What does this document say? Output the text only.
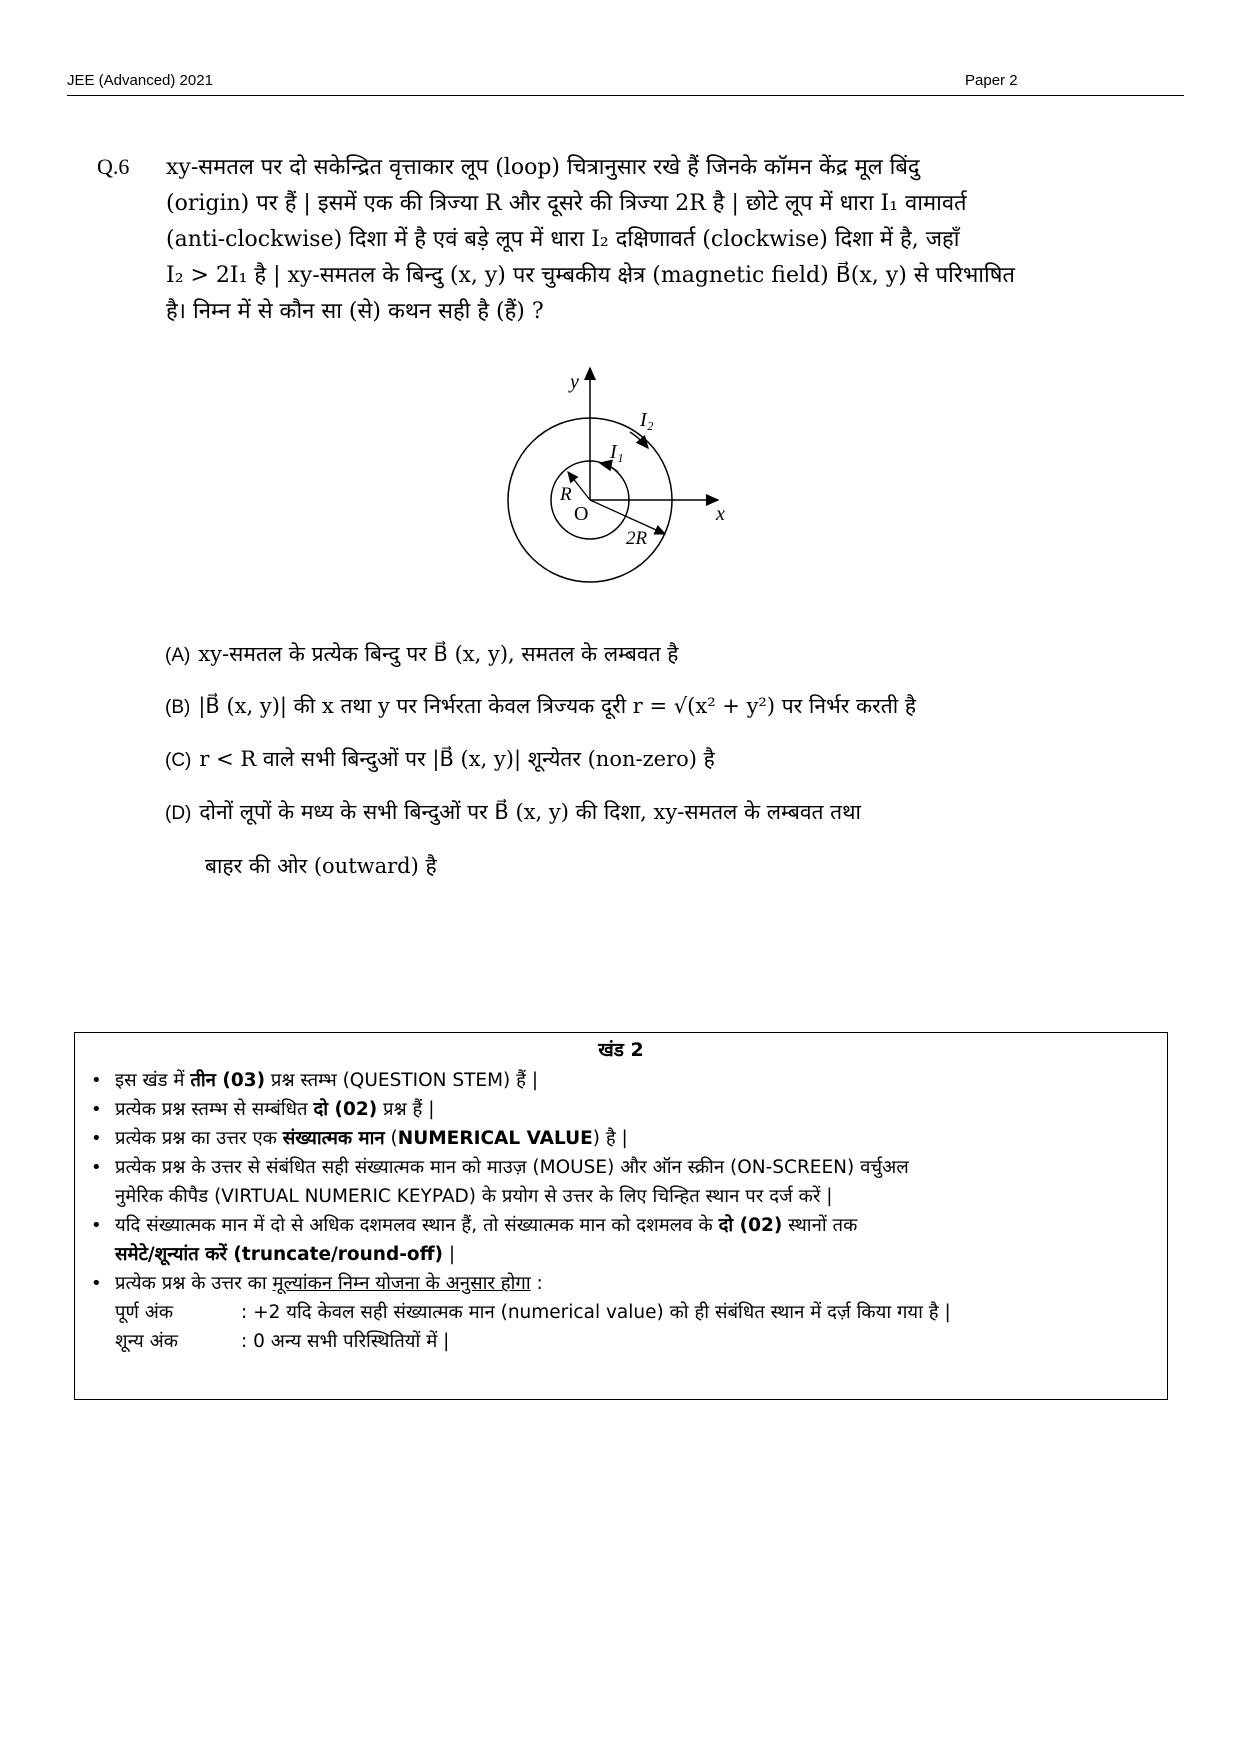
JEE (Advanced) 2021	Paper 2
Q.6 xy-समतल पर दो सकेन्द्रित वृत्ताकार लूप (loop) चित्रानुसार रखे हैं जिनके कॉमन केंद्र मूल बिंदु
(origin) पर हैं | इसमें एक की त्रिज्या R और दूसरे की त्रिज्या 2R है | छोटे लूप में धारा I₁ वामावर्त
(anti-clockwise) दिशा में है एवं बड़े लूप में धारा I₂ दक्षिणावर्त (clockwise) दिशा में है, जहाँ
I₂ > 2I₁ है | xy-समतल के बिन्दु (x, y) पर चुम्बकीय क्षेत्र (magnetic field) B⃗(x, y) से परिभाषित
है। निम्न में से कौन सा (से) कथन सही है (हैं) ?
y
x
O
I₂
I₁
R
2R
(A) xy-समतल के प्रत्येक बिन्दु पर B⃗ (x, y), समतल के लम्बवत है
(B) |B⃗ (x, y)| की x तथा y पर निर्भरता केवल त्रिज्यक दूरी r = √(x² + y²) पर निर्भर करती है
(C) r < R वाले सभी बिन्दुओं पर |B⃗ (x, y)| शून्येतर (non-zero) है
(D) दोनों लूपों के मध्य के सभी बिन्दुओं पर B⃗ (x, y) की दिशा, xy-समतल के लम्बवत तथा
बाहर की ओर (outward) है
खंड 2
• इस खंड में तीन (03) प्रश्न स्तम्भ (QUESTION STEM) हैं |
• प्रत्येक प्रश्न स्तम्भ से सम्बंधित दो (02) प्रश्न हैं |
• प्रत्येक प्रश्न का उत्तर एक संख्यात्मक मान (NUMERICAL VALUE) है |
• प्रत्येक प्रश्न के उत्तर से संबंधित सही संख्यात्मक मान को माउज़ (MOUSE) और ऑन स्क्रीन (ON-SCREEN) वर्चुअल
नुमेरिक कीपैड (VIRTUAL NUMERIC KEYPAD) के प्रयोग से उत्तर के लिए चिन्हित स्थान पर दर्ज करें |
• यदि संख्यात्मक मान में दो से अधिक दशमलव स्थान हैं, तो संख्यात्मक मान को दशमलव के दो (02) स्थानों तक
समेटे/शून्यांत करें (truncate/round-off) |
• प्रत्येक प्रश्न के उत्तर का मूल्यांकन निम्न योजना के अनुसार होगा :
पूर्ण अंक	: +2 यदि केवल सही संख्यात्मक मान (numerical value) को ही संबंधित स्थान में दर्ज़ किया गया है |
शून्य अंक	: 0 अन्य सभी परिस्थितियों में |
